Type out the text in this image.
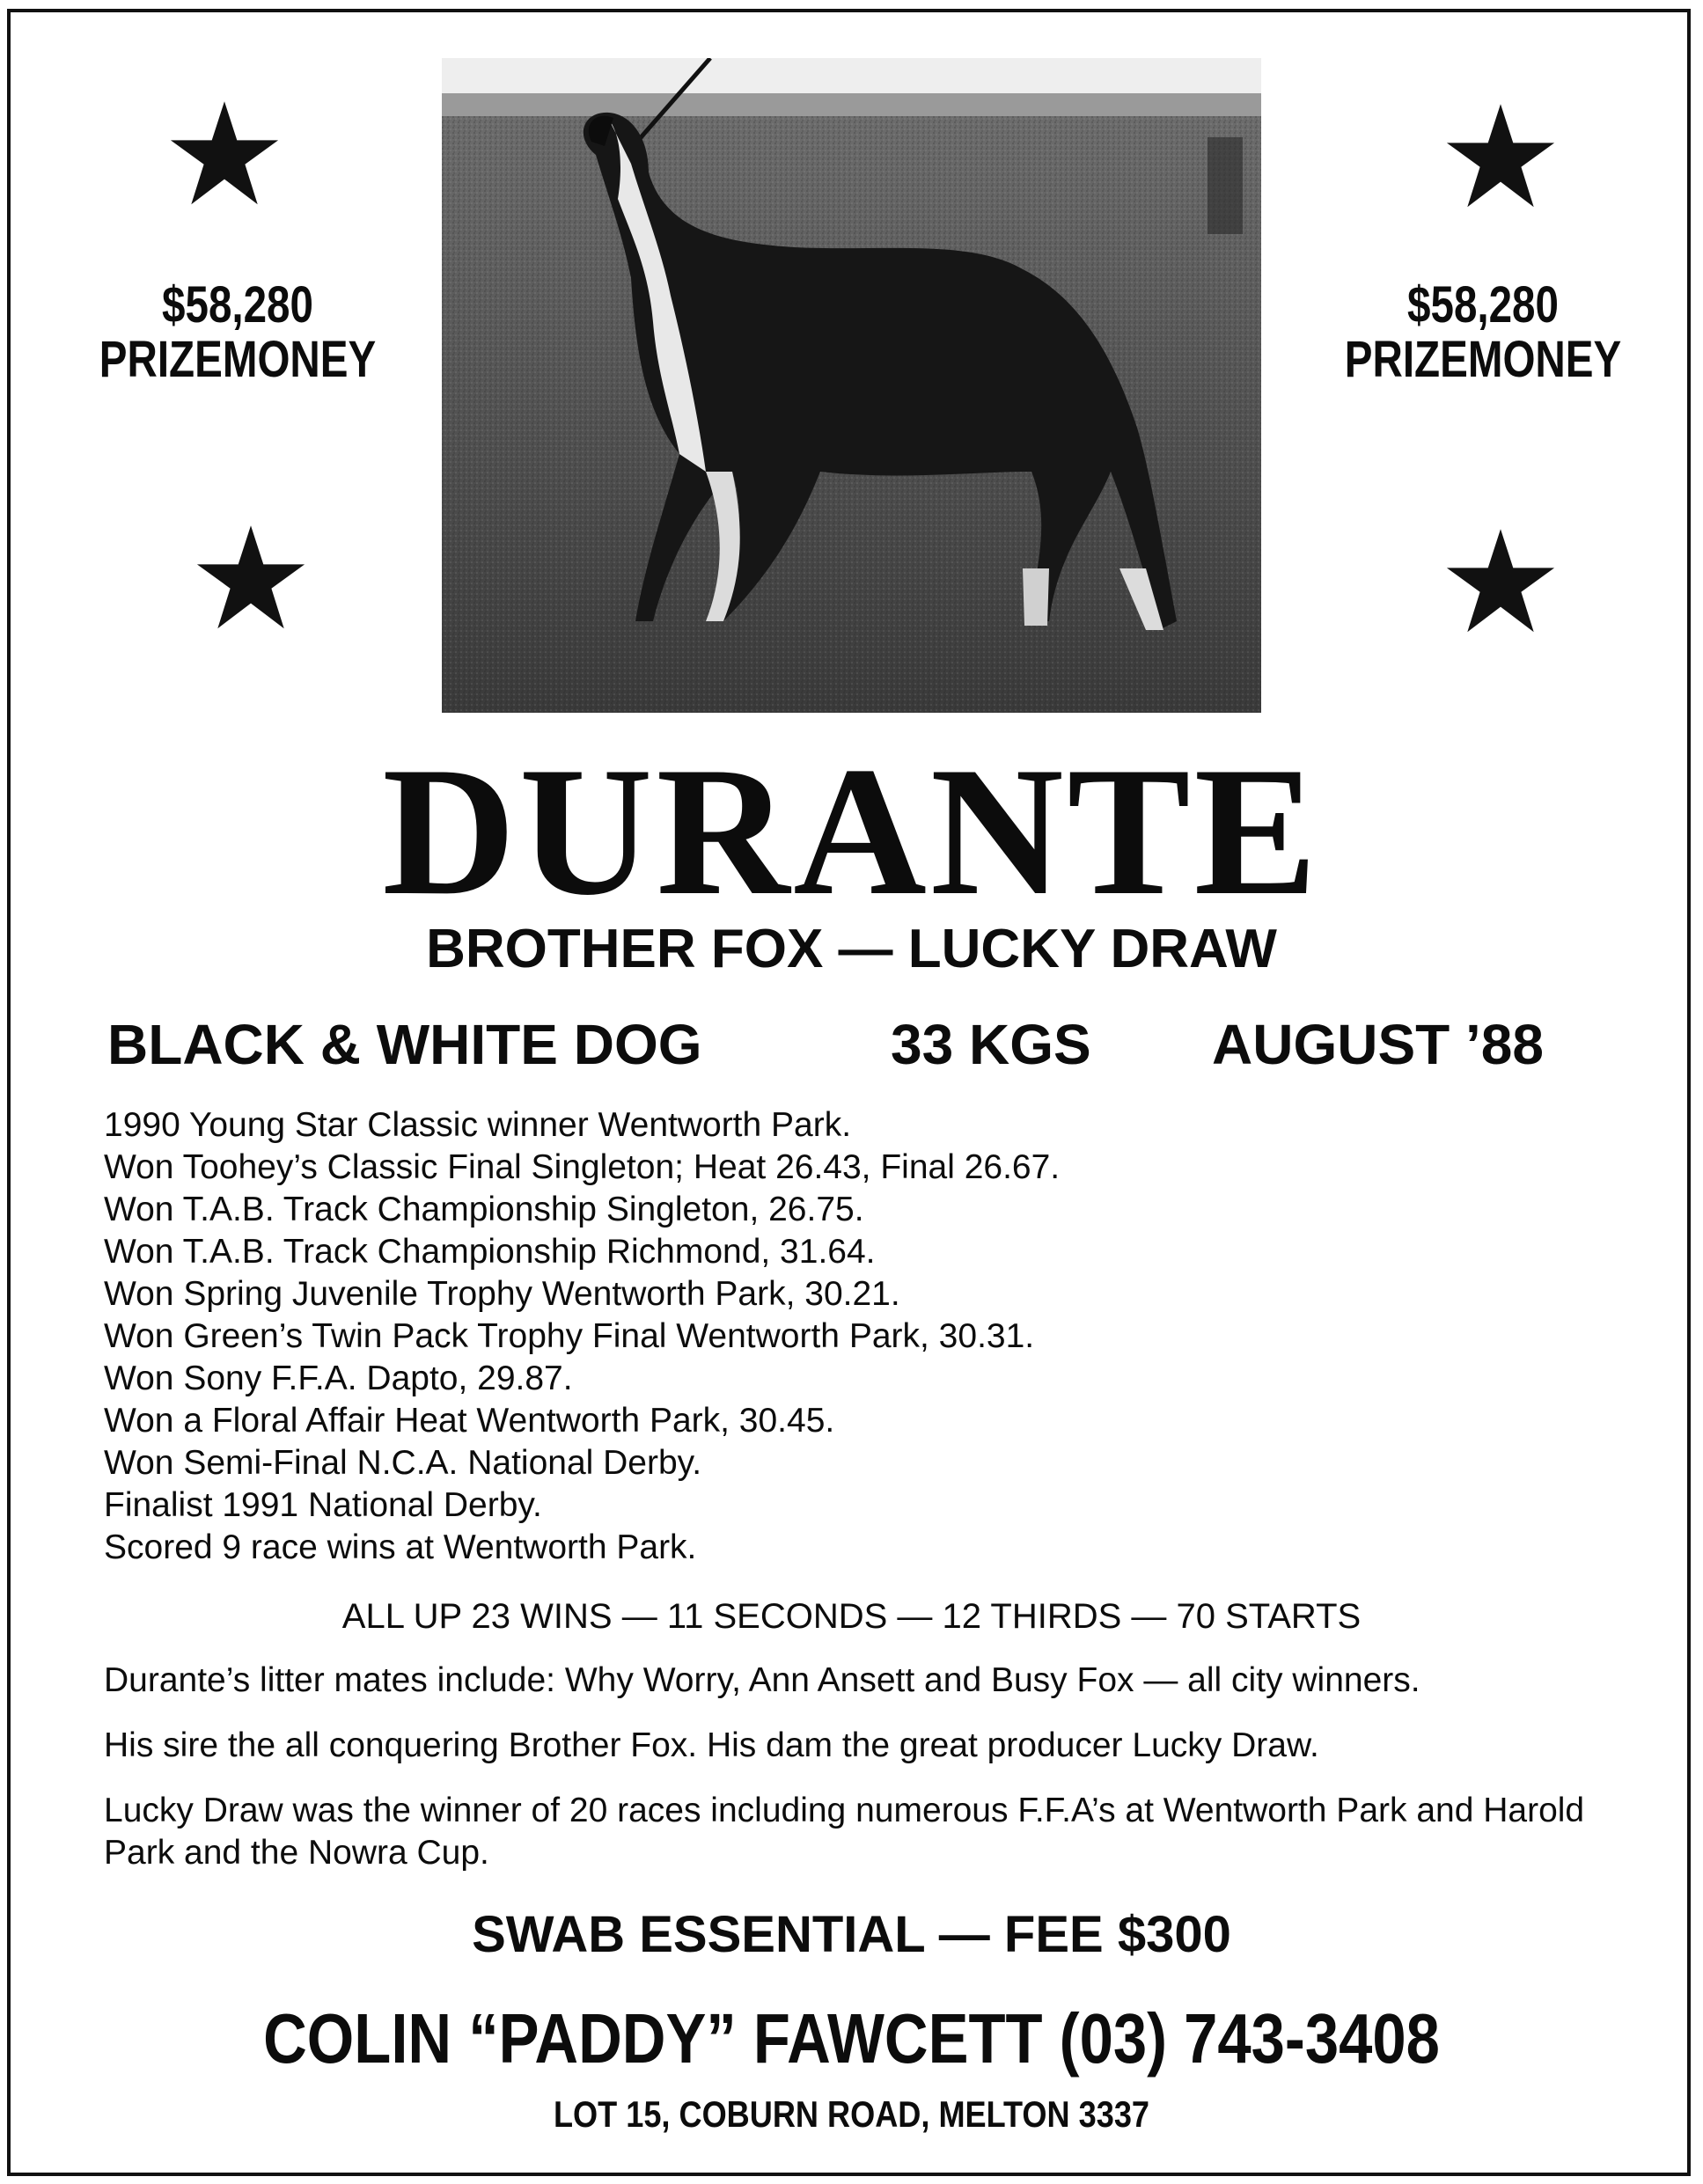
$58,280
PRIZEMONEY
$58,280
PRIZEMONEY
DURANTE
BROTHER FOX — LUCKY DRAW
BLACK & WHITE DOG	33 KGS AUGUST ’88
1990 Young Star Classic winner Wentworth Park.
Won Toohey’s Classic Final Singleton; Heat 26.43, Final 26.67.
Won T.A.B. Track Championship Singleton, 26.75.
Won T.A.B. Track Championship Richmond, 31.64.
Won Spring Juvenile Trophy Wentworth Park, 30.21.
Won Green’s Twin Pack Trophy Final Wentworth Park, 30.31.
Won Sony F.F.A. Dapto, 29.87.
Won a Floral Affair Heat Wentworth Park, 30.45.
Won Semi-Final N.C.A. National Derby.
Finalist 1991 National Derby.
Scored 9 race wins at Wentworth Park.
ALL UP 23 WINS — 11 SECONDS — 12 THIRDS — 70 STARTS
Durante’s litter mates include: Why Worry, Ann Ansett and Busy Fox — all city winners.
His sire the all conquering Brother Fox. His dam the great producer Lucky Draw.
Lucky Draw was the winner of 20 races including numerous F.F.A’s at Wentworth Park and Harold Park and the Nowra Cup.
SWAB ESSENTIAL — FEE $300
COLIN “PADDY” FAWCETT (03) 743-3408
LOT 15, COBURN ROAD, MELTON 3337
